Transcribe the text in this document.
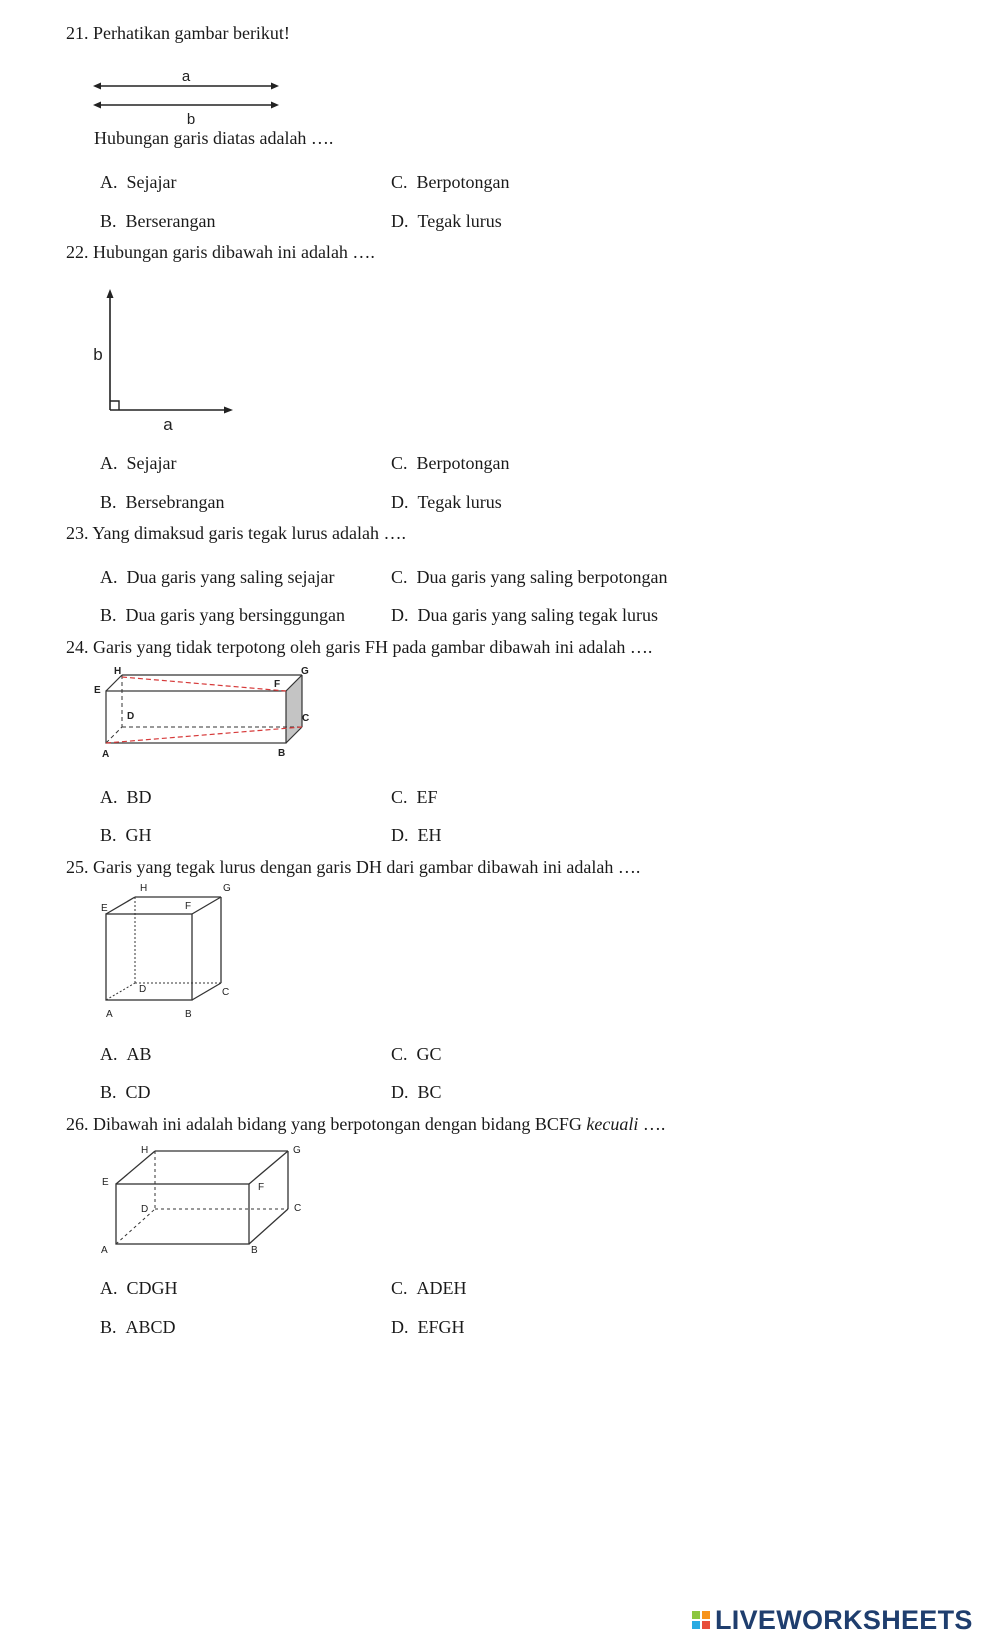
21. Perhatikan gambar berikut!
a
b
Hubungan garis diatas adalah ….
A. Sejajar
B. Berserangan
C. Berpotongan
D. Tegak lurus
22. Hubungan garis dibawah ini adalah ….
b
a
A. Sejajar
B. Bersebrangan
C. Berpotongan
D. Tegak lurus
23. Yang dimaksud garis tegak lurus adalah ….
A. Dua garis yang saling sejajar
B. Dua garis yang bersinggungan
C. Dua garis yang saling berpotongan
D. Dua garis yang saling tegak lurus
24. Garis yang tidak terpotong oleh garis FH pada gambar dibawah ini adalah ….
H	G
E
F
D	C
A	B
A. BD
B. GH
C. EF
D. EH
25. Garis yang tegak lurus dengan garis DH dari gambar dibawah ini adalah ….
H	G
E	F
D	C
A	B
A. AB
B. CD
C. GC
D. BC
26. Dibawah ini adalah bidang yang berpotongan dengan bidang BCFG kecuali ….
H	G
E	F
D	C
A	B
A. CDGH
B. ABCD
C. ADEH
D. EFGH
LIVEWORKSHEETS
